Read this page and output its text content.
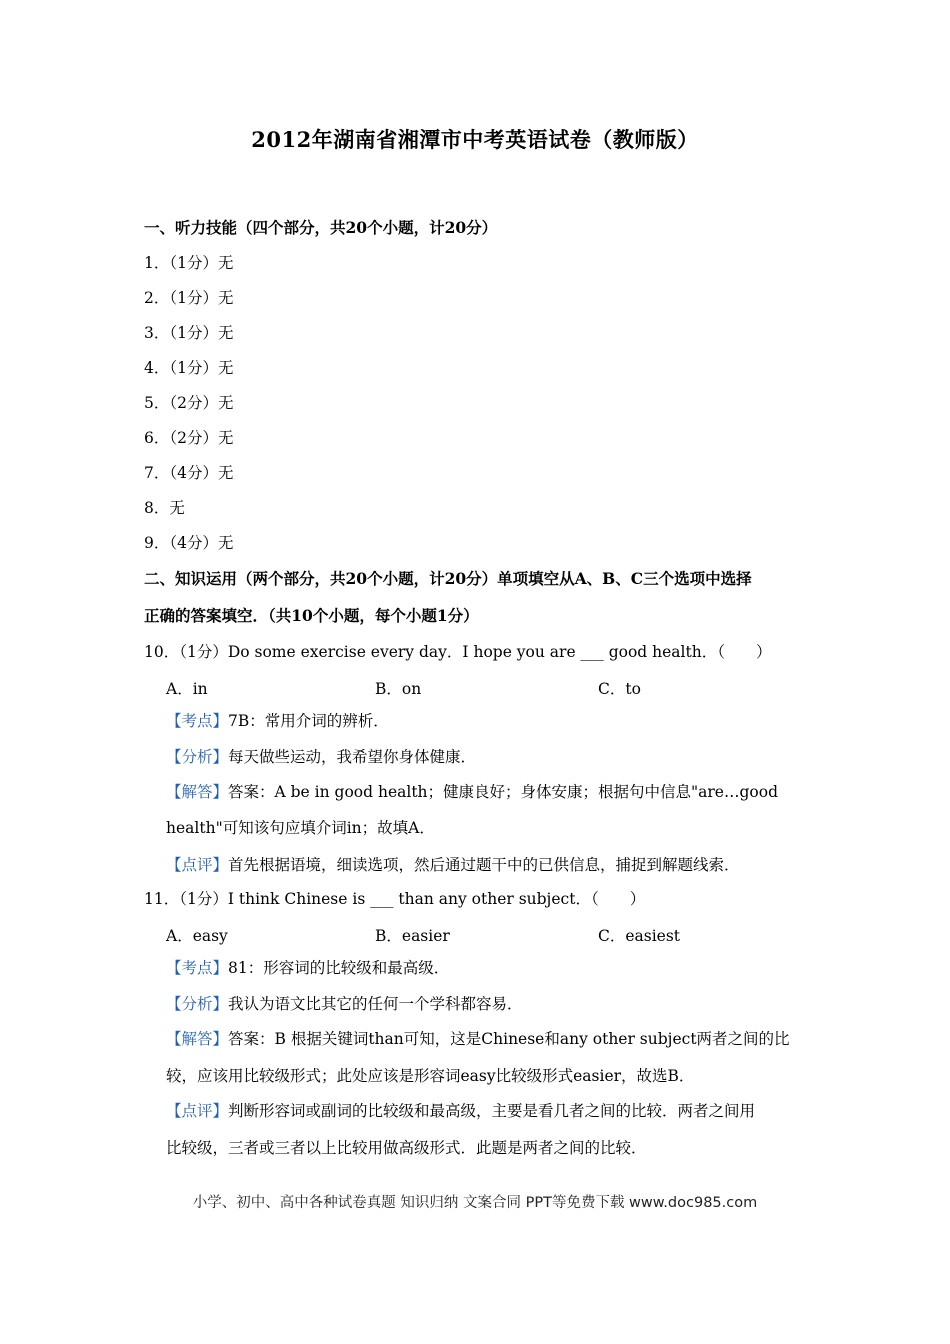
2012年湖南省湘潭市中考英语试卷（教师版）
一、听力技能（四个部分，共20个小题，计20分）
1．（1分）无
2．（1分）无
3．（1分）无
4．（1分）无
5．（2分）无
6．（2分）无
7．（4分）无
8．无
9．（4分）无
二、知识运用（两个部分，共20个小题，计20分）单项填空从A、B、C三个选项中选择
正确的答案填空．（共10个小题，每个小题1分）
10．（1分）Do some exercise every day．I hope you are ___ good health．（　　）
A．in	B．on	C．to
【考点】7B：常用介词的辨析．
【分析】每天做些运动，我希望你身体健康．
【解答】答案：A be in good health；健康良好；身体安康；根据句中信息"are…good
health"可知该句应填介词in；故填A．
【点评】首先根据语境，细读选项，然后通过题干中的已供信息，捕捉到解题线索．
11．（1分）I think Chinese is ___ than any other subject．（　　）
A．easy	B．easier	C．easiest
【考点】81：形容词的比较级和最高级．
【分析】我认为语文比其它的任何一个学科都容易．
【解答】答案：B 根据关键词than可知，这是Chinese和any other subject两者之间的比
较，应该用比较级形式；此处应该是形容词easy比较级形式easier，故选B．
【点评】判断形容词或副词的比较级和最高级，主要是看几者之间的比较．两者之间用
比较级，三者或三者以上比较用做高级形式．此题是两者之间的比较．
小学、初中、高中各种试卷真题 知识归纳 文案合同 PPT等免费下载 www.doc985.com
